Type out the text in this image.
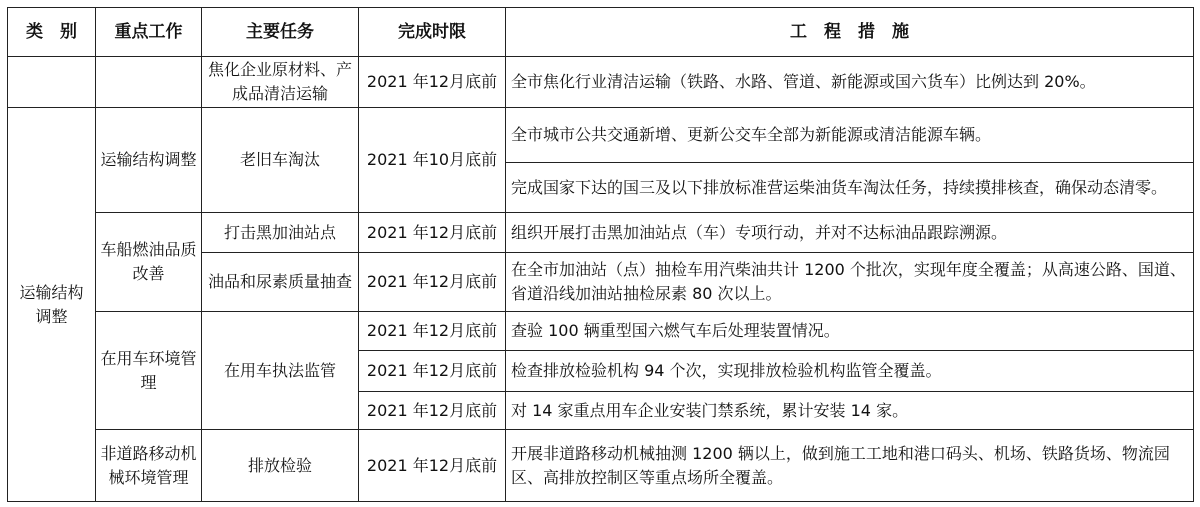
类　别	重点工作	主要任务	完成时限	工　程　措　施
		焦化企业原材料、产成品清洁运输	2021 年12月底前	全市焦化行业清洁运输（铁路、水路、管道、新能源或国六货车）比例达到 20%。
运输结构调整	运输结构调整	老旧车淘汰	2021 年10月底前	全市城市公共交通新增、更新公交车全部为新能源或清洁能源车辆。
				完成国家下达的国三及以下排放标准营运柴油货车淘汰任务，持续摸排核查，确保动态清零。
	车船燃油品质改善	打击黑加油站点	2021 年12月底前	组织开展打击黑加油站点（车）专项行动，并对不达标油品跟踪溯源。
		油品和尿素质量抽查	2021 年12月底前	在全市加油站（点）抽检车用汽柴油共计 1200 个批次，实现年度全覆盖；从高速公路、国道、省道沿线加油站抽检尿素 80 次以上。
	在用车环境管理	在用车执法监管	2021 年12月底前	查验 100 辆重型国六燃气车后处理装置情况。
			2021 年12月底前	检查排放检验机构 94 个次，实现排放检验机构监管全覆盖。
			2021 年12月底前	对 14 家重点用车企业安装门禁系统，累计安装 14 家。
	非道路移动机械环境管理	排放检验	2021 年12月底前	开展非道路移动机械抽测 1200 辆以上，做到施工工地和港口码头、机场、铁路货场、物流园区、高排放控制区等重点场所全覆盖。
